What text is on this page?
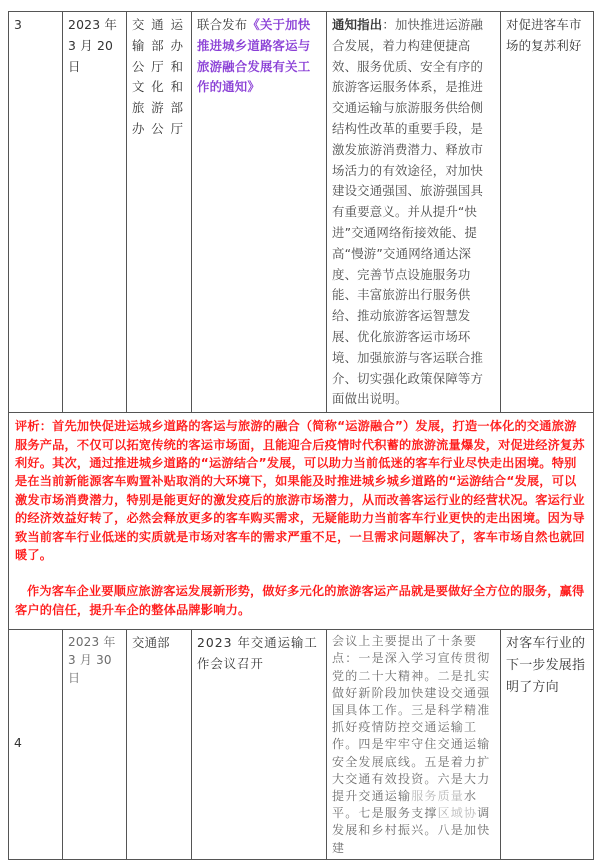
3	2023 年 3 月 20 日	交通运输部办公厅和文化和旅游部办公厅	联合发布《关于加快推进城乡道路客运与旅游融合发展有关工作的通知》	通知指出：加快推进运游融合发展，着力构建便捷高效、服务优质、安全有序的旅游客运服务体系，是推进交通运输与旅游服务供给侧结构性改革的重要手段，是激发旅游消费潜力、释放市场活力的有效途径，对加快建设交通强国、旅游强国具有重要意义。并从提升“快进”交通网络衔接效能、提高“慢游”交通网络通达深度、完善节点设施服务功能、丰富旅游出行服务供给、推动旅游客运智慧发展、优化旅游客运市场环境、加强旅游与客运联合推介、切实强化政策保障等方面做出说明。	对促进客车市场的复苏利好

评析：首先加快促进运城乡道路的客运与旅游的融合（简称“运游融合”）发展，打造一体化的交通旅游服务产品，不仅可以拓宽传统的客运市场面，且能迎合后疫情时代积蓄的旅游流量爆发，对促进经济复苏利好。其次，通过推进城乡道路的“运游结合”发展，可以助力当前低迷的客车行业尽快走出困境。特别是在当前新能源客车购置补贴取消的大环境下，如果能及时推进城乡城乡道路的“运游结合“发展，可以激发市场消费潜力，特别是能更好的激发疫后的旅游市场潜力，从而改善客运行业的经营状况。客运行业的经济效益好转了，必然会释放更多的客车购买需求，无疑能助力当前客车行业更快的走出困境。因为导致当前客车行业低迷的实质就是市场对客车的需求严重不足，一旦需求问题解决了，客车市场自然也就回暖了。

作为客车企业要顺应旅游客运发展新形势，做好多元化的旅游客运产品就是要做好全方位的服务，赢得客户的信任，提升车企的整体品牌影响力。					

4	2023 年 3 月 30 日	交通部	2023 年交通运输工作会议召开	会议上主要提出了十条要点：一是深入学习宣传贯彻党的二十大精神。二是扎实做好新阶段加快建设交通强国具体工作。三是科学精准抓好疫情防控交通运输工作。四是牢牢守住交通运输安全发展底线。五是着力扩大交通有效投资。六是大力提升交通运输服务质量水平。七是服务支撑区域协调发展和乡村振兴。八是加快建	对客车行业的下一步发展指明了方向
